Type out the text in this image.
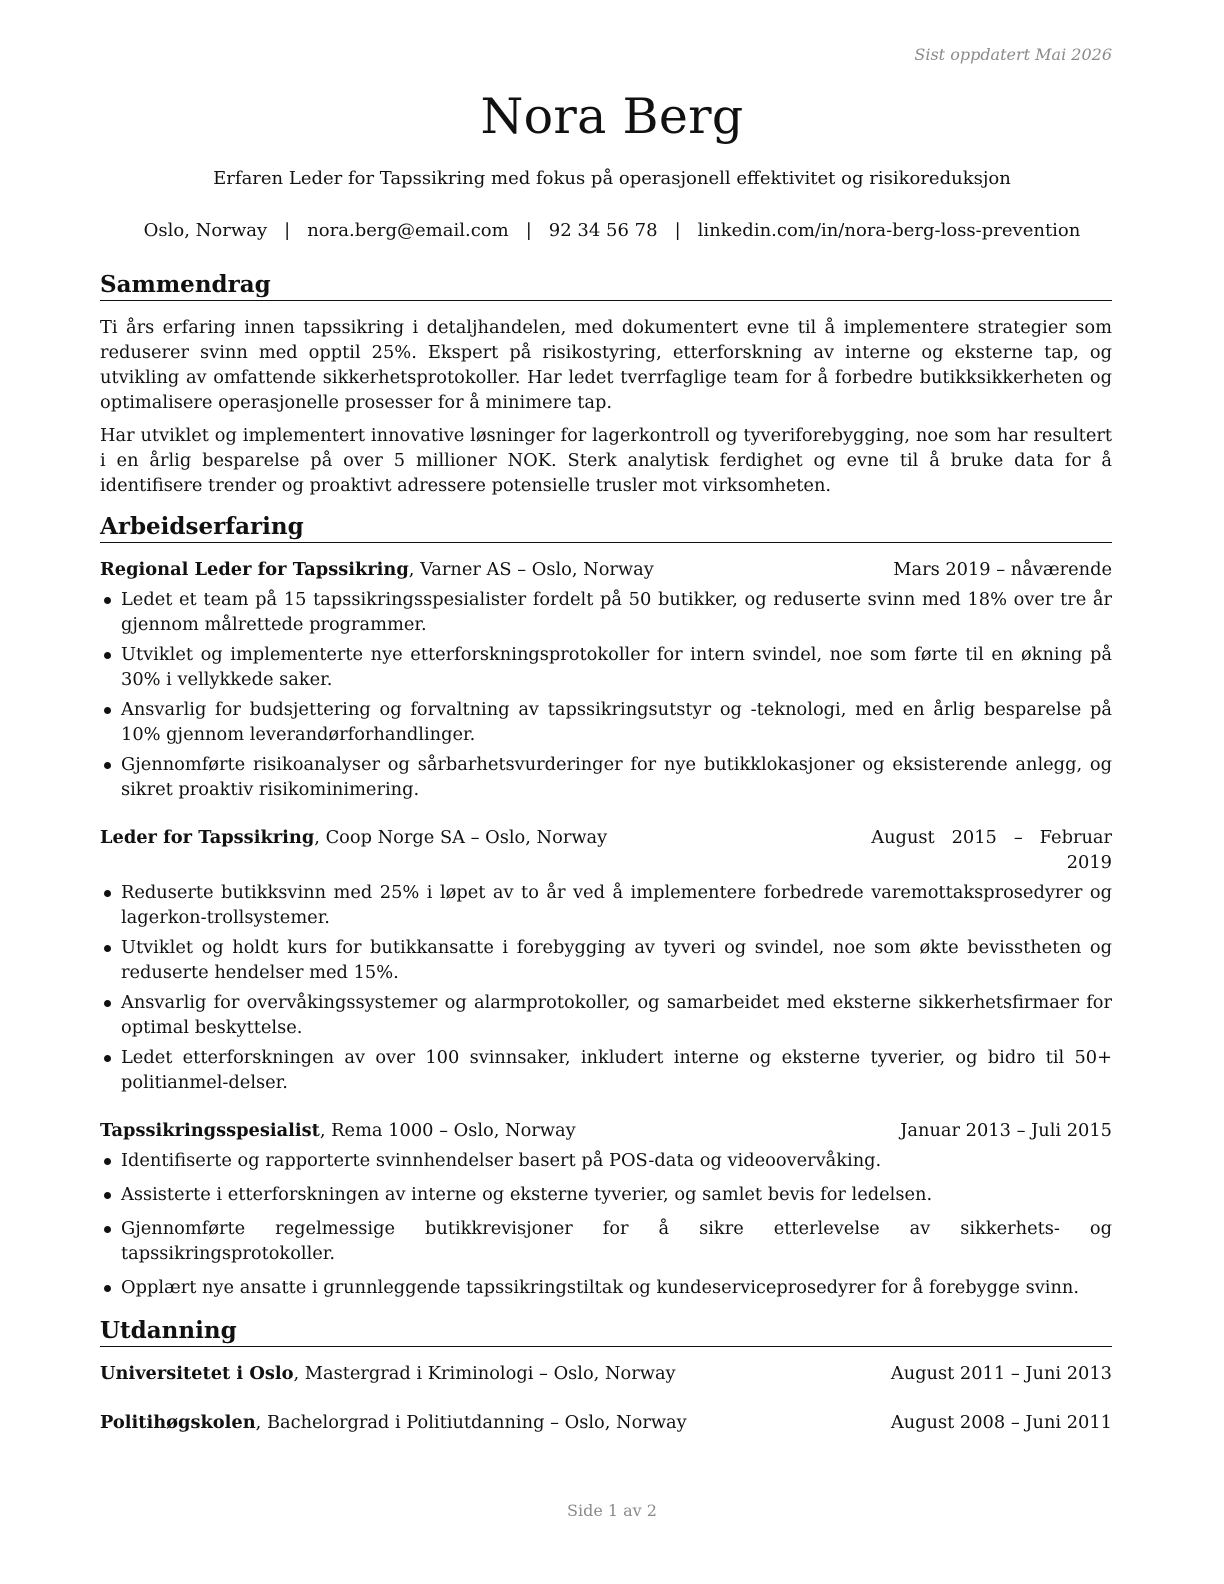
Sist oppdatert Mai 2026
Nora Berg
Erfaren Leder for Tapssikring med fokus på operasjonell effektivitet og risikoreduksjon
Oslo, Norway | nora.berg@email.com | 92 34 56 78 | linkedin.com/in/nora-berg-loss-prevention
Sammendrag

Ti års erfaring innen tapssikring i detaljhandelen, med dokumentert evne til å implementere strategier som reduserer svinn med opptil 25%. Ekspert på risikostyring, etterforskning av interne og eksterne tap, og utvikling av omfattende sikkerhetsprotokoller. Har ledet tverrfaglige team for å forbedre butikksikkerheten og optimalisere operasjonelle prosesser for å minimere tap.

Har utviklet og implementert innovative løsninger for lagerkontroll og tyveriforebygging, noe som har resultert i en årlig besparelse på over 5 millioner NOK. Sterk analytisk ferdighet og evne til å bruke data for å identifisere trender og proaktivt adressere potensielle trusler mot virksomheten.

Arbeidserfaring
Regional Leder for Tapssikring, Varner AS – Oslo, Norway	Mars 2019 – nåværende
Ledet et team på 15 tapssikringsspesialister fordelt på 50 butikker, og reduserte svinn med 18% over tre år gjennom målrettede programmer.
Utviklet og implementerte nye etterforskningsprotokoller for intern svindel, noe som førte til en økning på 30% i vellykkede saker.
Ansvarlig for budsjettering og forvaltning av tapssikringsutstyr og -teknologi, med en årlig besparelse på 10% gjennom leverandørforhandlinger.
Gjennomførte risikoanalyser og sårbarhetsvurderinger for nye butikklokasjoner og eksisterende anlegg, og sikret proaktiv risikominimering.
Leder for Tapssikring, Coop Norge SA – Oslo, Norway	August   2015   –   Februar
2019
Reduserte butikksvinn med 25% i løpet av to år ved å implementere forbedrede varemottaksprosedyrer og lagerkon-trollsystemer.
Utviklet og holdt kurs for butikkansatte i forebygging av tyveri og svindel, noe som økte bevisstheten og reduserte hendelser med 15%.
Ansvarlig for overvåkingssystemer og alarmprotokoller, og samarbeidet med eksterne sikkerhetsfirmaer for optimal beskyttelse.
Ledet etterforskningen av over 100 svinnsaker, inkludert interne og eksterne tyverier, og bidro til 50+ politianmel-delser.
Tapssikringsspesialist, Rema 1000 – Oslo, Norway	Januar 2013 – Juli 2015
Identifiserte og rapporterte svinnhendelser basert på POS-data og videoovervåking.
Assisterte i etterforskningen av interne og eksterne tyverier, og samlet bevis for ledelsen.
Gjennomførte regelmessige butikkrevisjoner for å sikre etterlevelse av sikkerhets- og tapssikringsprotokoller.
Opplært nye ansatte i grunnleggende tapssikringstiltak og kundeserviceprosedyrer for å forebygge svinn.
Utdanning
Universitetet i Oslo, Mastergrad i Kriminologi – Oslo, Norway	August 2011 – Juni 2013
Politihøgskolen, Bachelorgrad i Politiutdanning – Oslo, Norway	August 2008 – Juni 2011
Side 1 av 2
